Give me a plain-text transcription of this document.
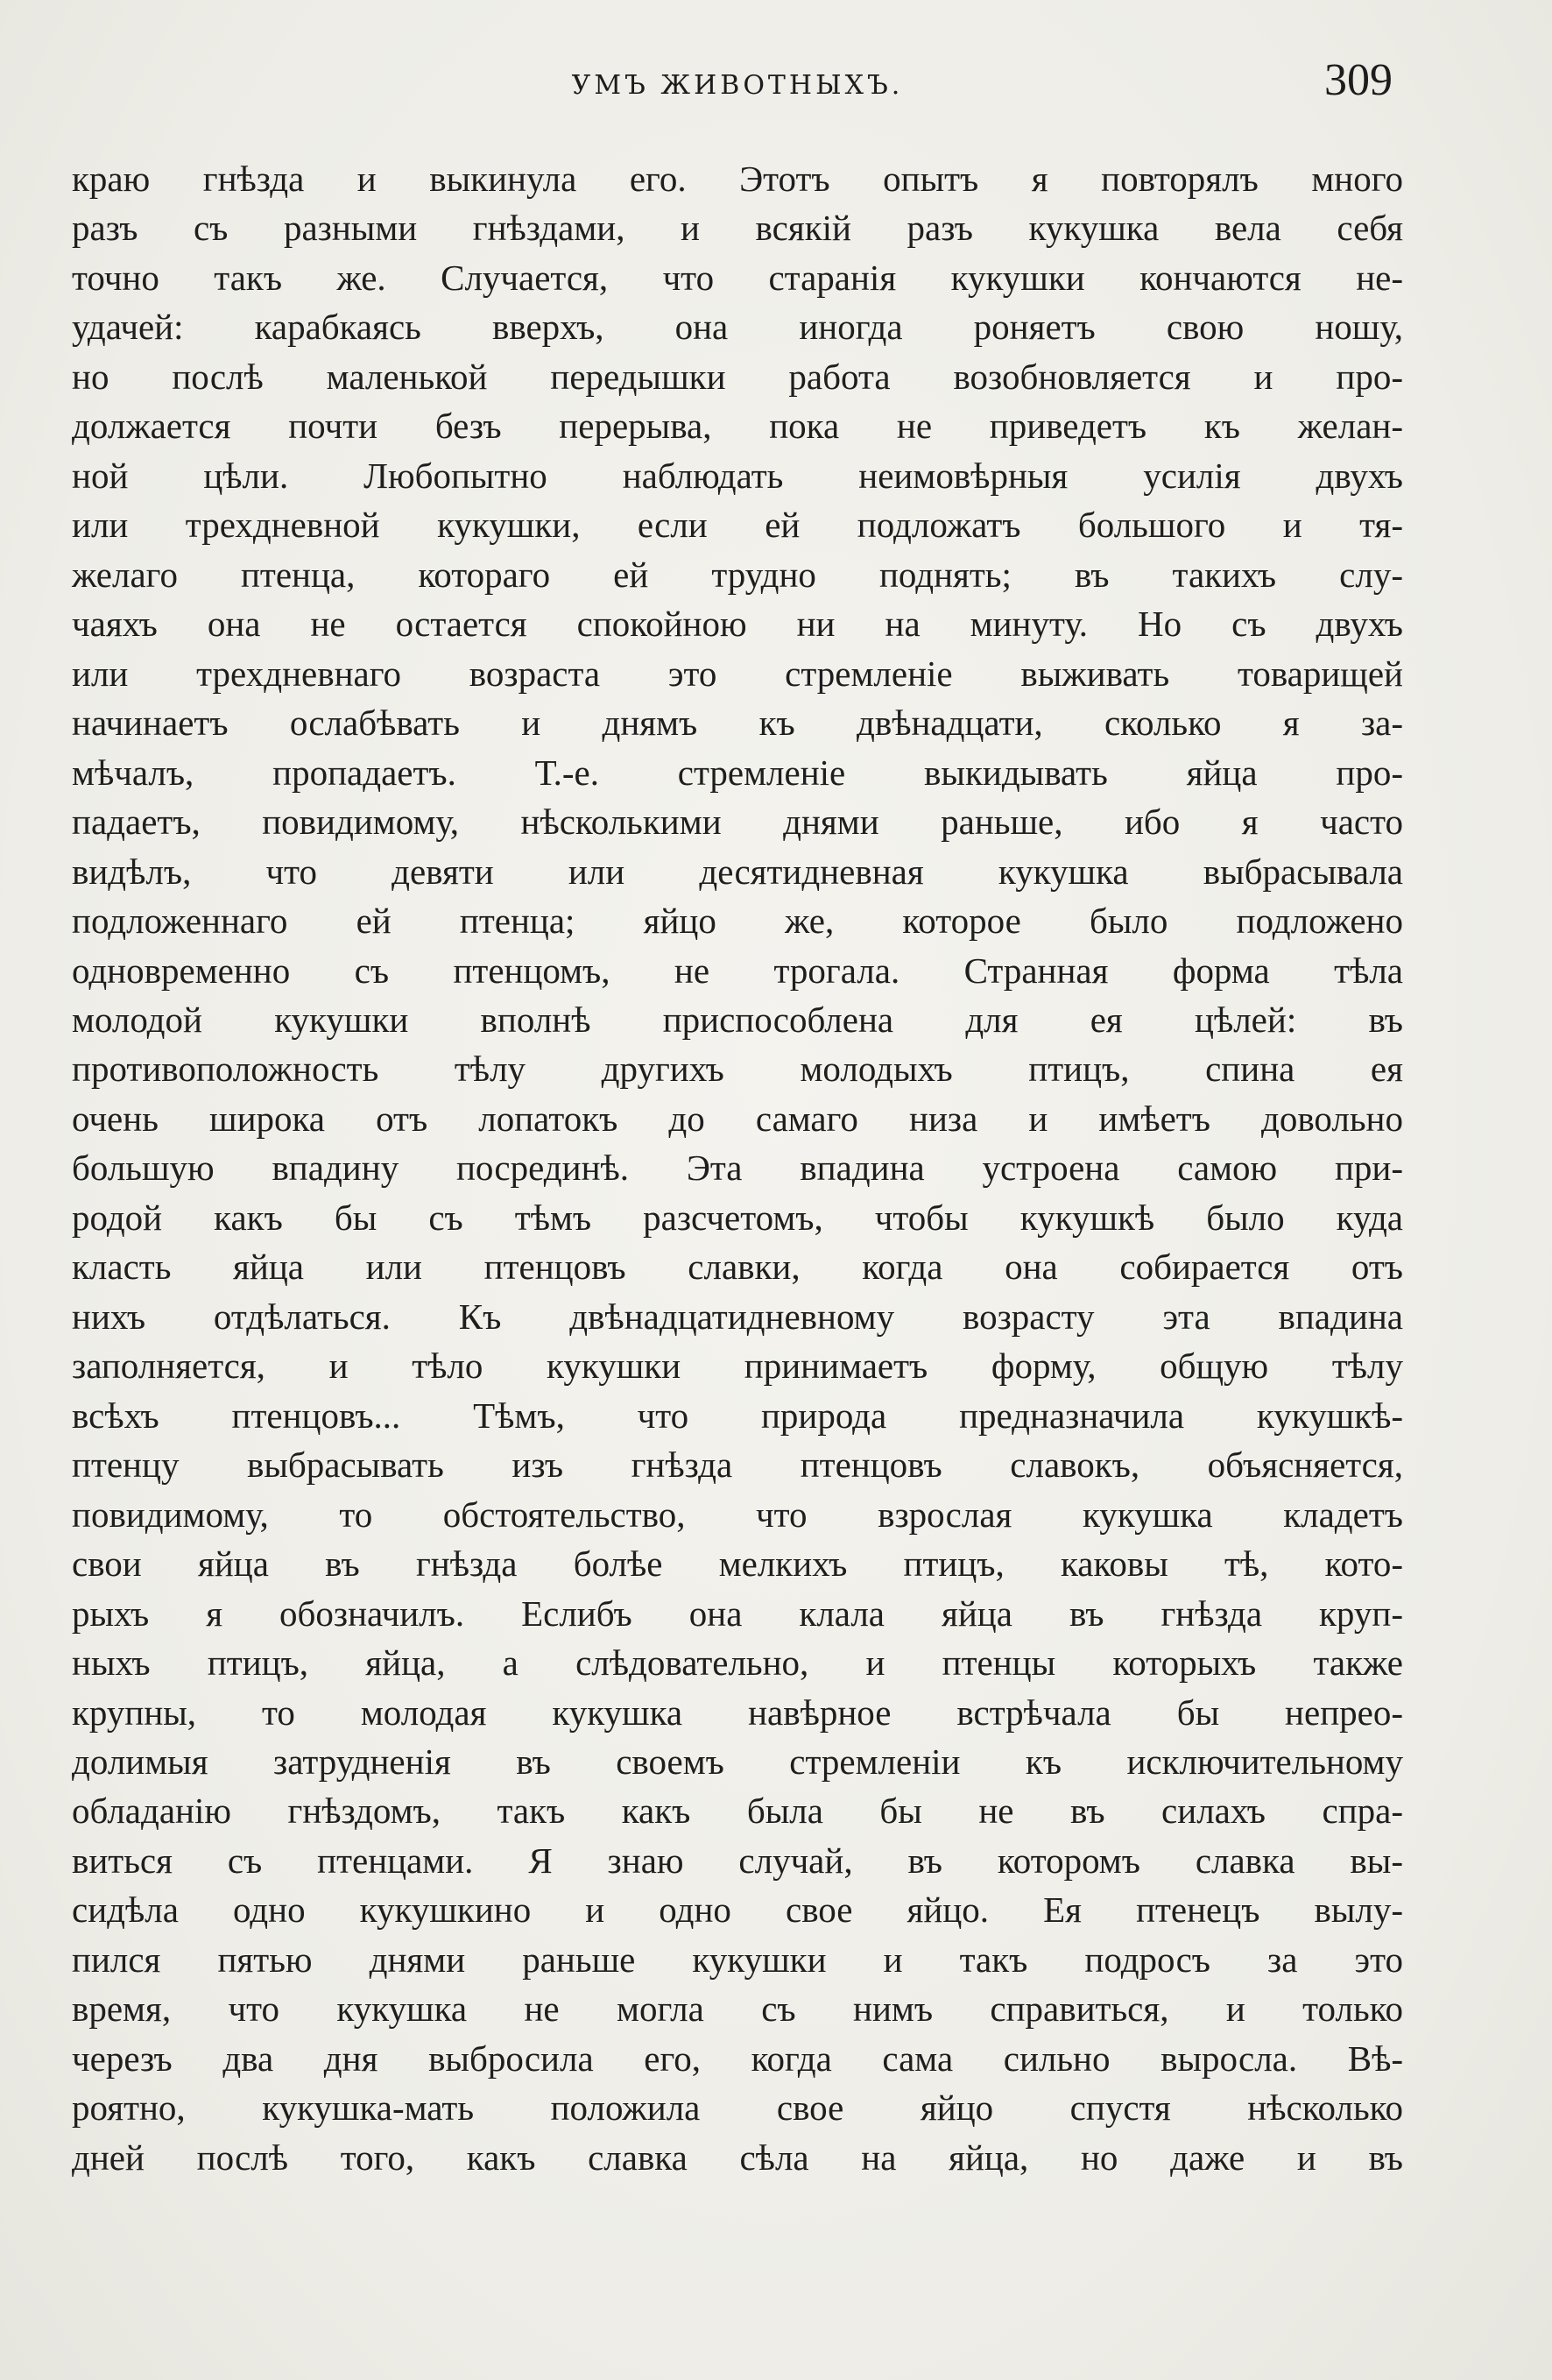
УМЪ ЖИВОТНЫХЪ.	309
краю гнѣзда и выкинула его. Этотъ опытъ я повторялъ много
разъ съ разными гнѣздами, и всякій разъ кукушка вела себя
точно такъ же. Случается, что старанія кукушки кончаются не-
удачей: карабкаясь вверхъ, она иногда роняетъ свою ношу,
но послѣ маленькой передышки работа возобновляется и про-
должается почти безъ перерыва, пока не приведетъ къ желан-
ной цѣли. Любопытно наблюдать неимовѣрныя усилія двухъ
или трехдневной кукушки, если ей подложатъ большого и тя-
желаго птенца, котораго ей трудно поднять; въ такихъ слу-
чаяхъ она не остается спокойною ни на минуту. Но съ двухъ
или трехдневнаго возраста это стремленіе выживать товарищей
начинаетъ ослабѣвать и днямъ къ двѣнадцати, сколько я за-
мѣчалъ, пропадаетъ. Т.-е. стремленіе выкидывать яйца про-
падаетъ, повидимому, нѣсколькими днями раньше, ибо я часто
видѣлъ, что девяти или десятидневная кукушка выбрасывала
подложеннаго ей птенца; яйцо же, которое было подложено
одновременно съ птенцомъ, не трогала. Странная форма тѣла
молодой кукушки вполнѣ приспособлена для ея цѣлей: въ
противоположность тѣлу другихъ молодыхъ птицъ, спина ея
очень широка отъ лопатокъ до самаго низа и имѣетъ довольно
большую впадину посрединѣ. Эта впадина устроена самою при-
родой какъ бы съ тѣмъ разсчетомъ, чтобы кукушкѣ было куда
класть яйца или птенцовъ славки, когда она собирается отъ
нихъ отдѣлаться. Къ двѣнадцатидневному возрасту эта впадина
заполняется, и тѣло кукушки принимаетъ форму, общую тѣлу
всѣхъ птенцовъ... Тѣмъ, что природа предназначила кукушкѣ-
птенцу выбрасывать изъ гнѣзда птенцовъ славокъ, объясняется,
повидимому, то обстоятельство, что взрослая кукушка кладетъ
свои яйца въ гнѣзда болѣе мелкихъ птицъ, каковы тѣ, кото-
рыхъ я обозначилъ. Еслибъ она клала яйца въ гнѣзда круп-
ныхъ птицъ, яйца, а слѣдовательно, и птенцы которыхъ также
крупны, то молодая кукушка навѣрное встрѣчала бы непрео-
долимыя затрудненія въ своемъ стремленіи къ исключительному
обладанію гнѣздомъ, такъ какъ была бы не въ силахъ спра-
виться съ птенцами. Я знаю случай, въ которомъ славка вы-
сидѣла одно кукушкино и одно свое яйцо. Ея птенецъ вылу-
пился пятью днями раньше кукушки и такъ подросъ за это
время, что кукушка не могла съ нимъ справиться, и только
черезъ два дня выбросила его, когда сама сильно выросла. Вѣ-
роятно, кукушка-мать положила свое яйцо спустя нѣсколько
дней послѣ того, какъ славка сѣла на яйца, но даже и въ
